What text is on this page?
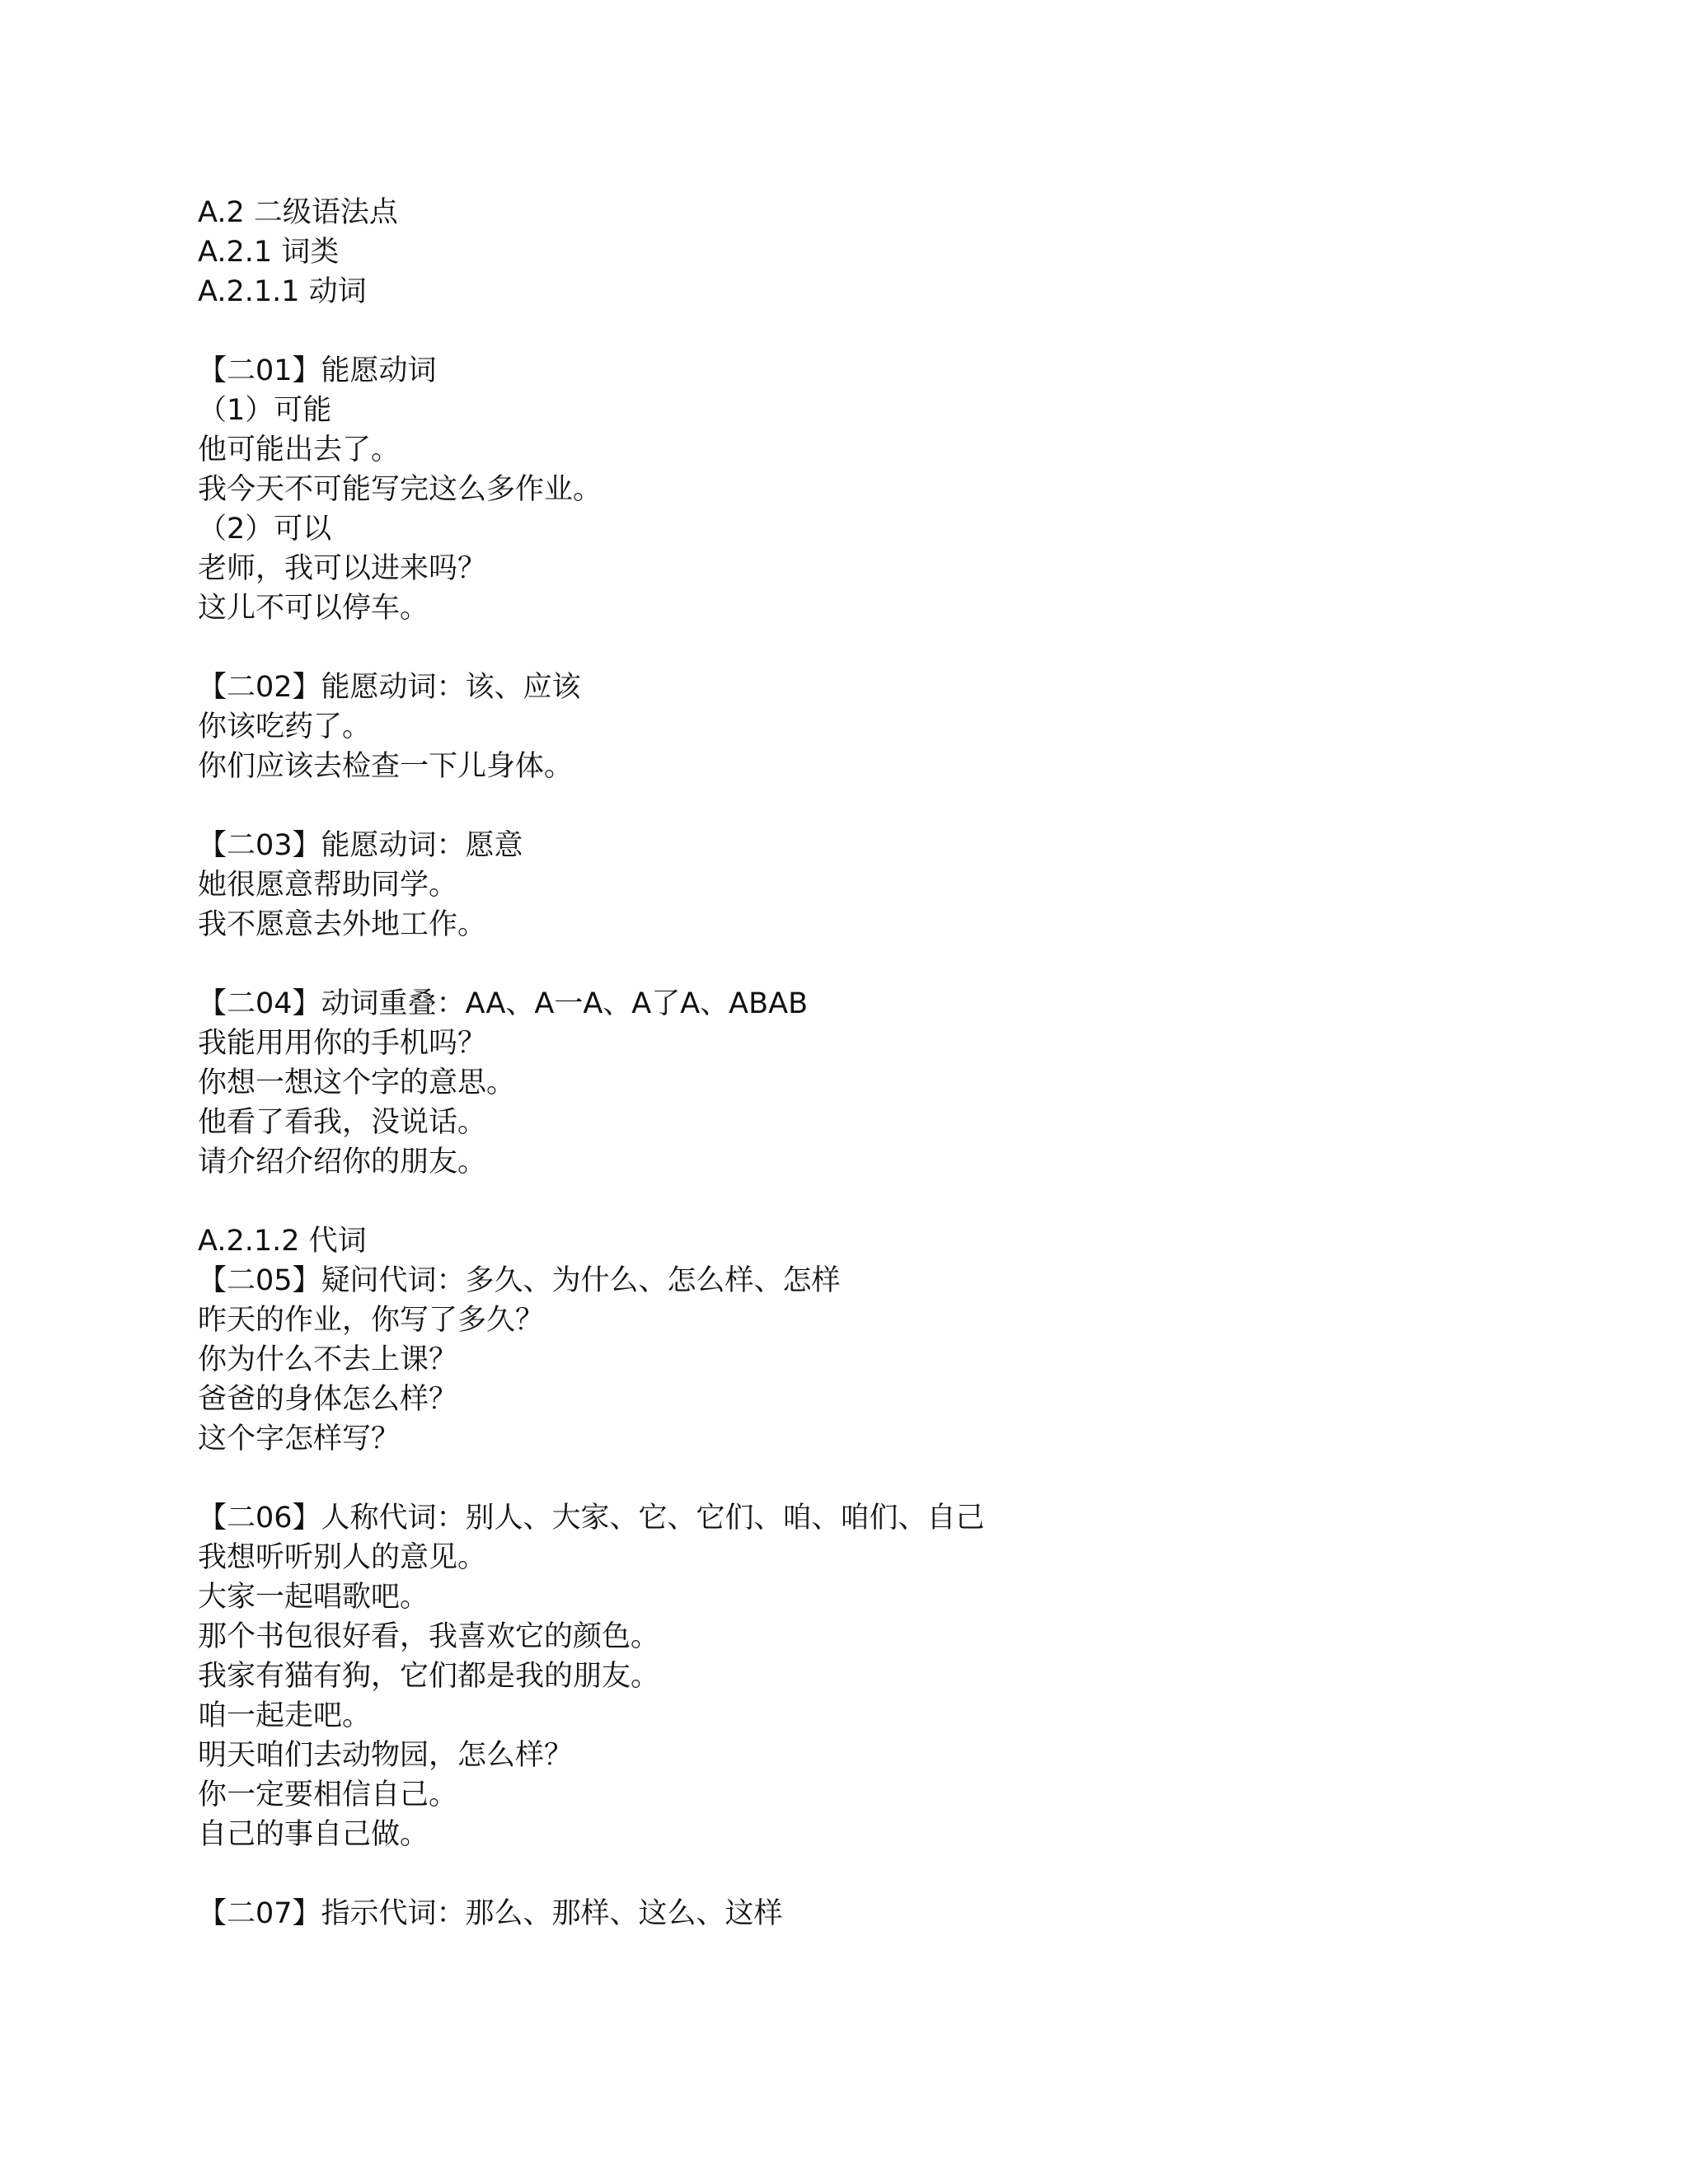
A.2 二级语法点
A.2.1 词类
A.2.1.1 动词
【二01】能愿动词
（1）可能
他可能出去了。
我今天不可能写完这么多作业。
（2）可以
老师，我可以进来吗？
这儿不可以停车。
【二02】能愿动词：该、应该
你该吃药了。
你们应该去检查一下儿身体。
【二03】能愿动词：愿意
她很愿意帮助同学。
我不愿意去外地工作。
【二04】动词重叠：AA、A一A、A了A、ABAB
我能用用你的手机吗？
你想一想这个字的意思。
他看了看我，没说话。
请介绍介绍你的朋友。
A.2.1.2 代词
【二05】疑问代词：多久、为什么、怎么样、怎样
昨天的作业，你写了多久？
你为什么不去上课？
爸爸的身体怎么样？
这个字怎样写？
【二06】人称代词：别人、大家、它、它们、咱、咱们、自己
我想听听别人的意见。
大家一起唱歌吧。
那个书包很好看，我喜欢它的颜色。
我家有猫有狗，它们都是我的朋友。
咱一起走吧。
明天咱们去动物园，怎么样？
你一定要相信自己。
自己的事自己做。
【二07】指示代词：那么、那样、这么、这样
